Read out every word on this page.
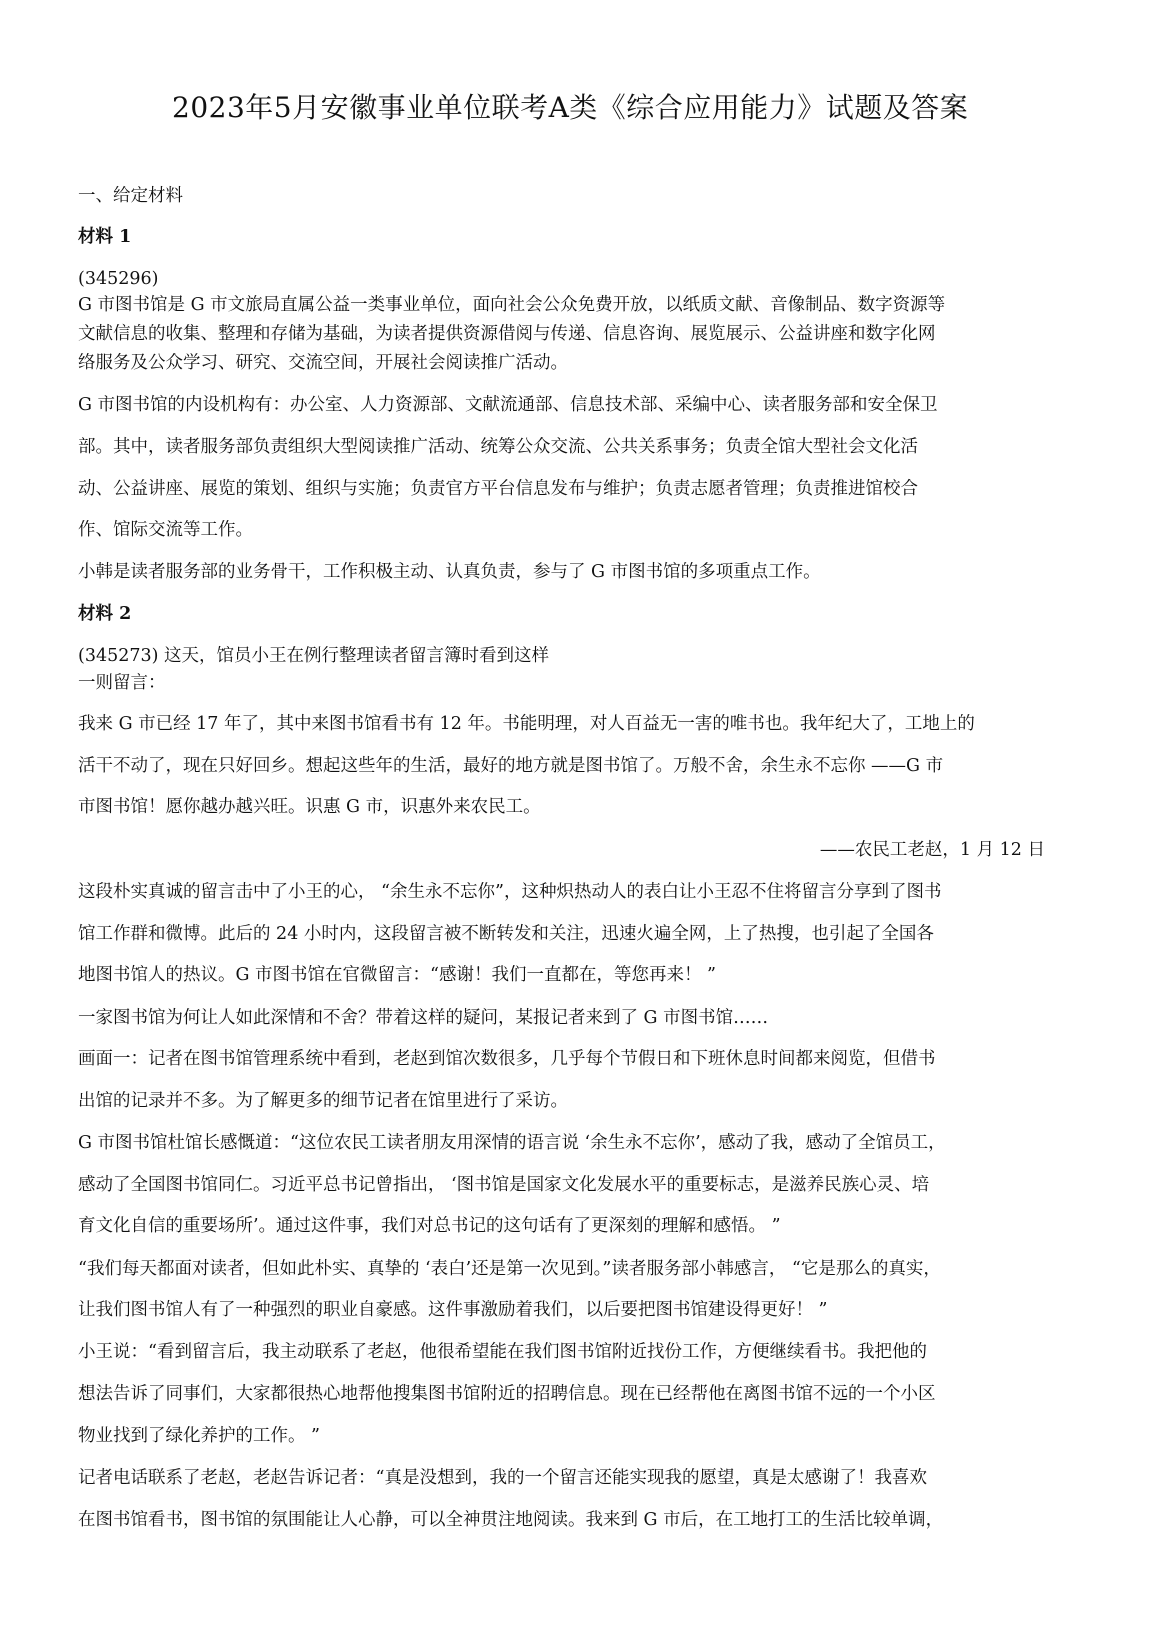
2023年5月安徽事业单位联考A类《综合应用能力》试题及答案
一、给定材料
材料 1
(345296)
G 市图书馆是 G 市文旅局直属公益一类事业单位，面向社会公众免费开放，以纸质文献、音像制品、数字资源等
文献信息的收集、整理和存储为基础，为读者提供资源借阅与传递、信息咨询、展览展示、公益讲座和数字化网
络服务及公众学习、研究、交流空间，开展社会阅读推广活动。
G 市图书馆的内设机构有：办公室、人力资源部、文献流通部、信息技术部、采编中心、读者服务部和安全保卫
部。其中，读者服务部负责组织大型阅读推广活动、统筹公众交流、公共关系事务；负责全馆大型社会文化活
动、公益讲座、展览的策划、组织与实施；负责官方平台信息发布与维护；负责志愿者管理；负责推进馆校合
作、馆际交流等工作。
小韩是读者服务部的业务骨干，工作积极主动、认真负责，参与了 G 市图书馆的多项重点工作。
材料 2
(345273) 这天，馆员小王在例行整理读者留言簿时看到这样
一则留言：
我来 G 市已经 17 年了，其中来图书馆看书有 12 年。书能明理，对人百益无一害的唯书也。我年纪大了，工地上的
活干不动了，现在只好回乡。想起这些年的生活，最好的地方就是图书馆了。万般不舍，余生永不忘你 ——G 市
市图书馆！愿你越办越兴旺。识惠 G 市，识惠外来农民工。
——农民工老赵，1 月 12 日
这段朴实真诚的留言击中了小王的心， “余生永不忘你”，这种炽热动人的表白让小王忍不住将留言分享到了图书
馆工作群和微博。此后的 24 小时内，这段留言被不断转发和关注，迅速火遍全网，上了热搜，也引起了全国各
地图书馆人的热议。G 市图书馆在官微留言：“感谢！我们一直都在，等您再来！ ”
一家图书馆为何让人如此深情和不舍？带着这样的疑问，某报记者来到了 G 市图书馆……
画面一：记者在图书馆管理系统中看到，老赵到馆次数很多，几乎每个节假日和下班休息时间都来阅览，但借书
出馆的记录并不多。为了解更多的细节记者在馆里进行了采访。
G 市图书馆杜馆长感慨道：“这位农民工读者朋友用深情的语言说 ‘余生永不忘你’，感动了我，感动了全馆员工，
感动了全国图书馆同仁。习近平总书记曾指出， ‘图书馆是国家文化发展水平的重要标志，是滋养民族心灵、培
育文化自信的重要场所’。通过这件事，我们对总书记的这句话有了更深刻的理解和感悟。 ”
“我们每天都面对读者，但如此朴实、真挚的 ‘表白’还是第一次见到。”读者服务部小韩感言， “它是那么的真实，
让我们图书馆人有了一种强烈的职业自豪感。这件事激励着我们，以后要把图书馆建设得更好！ ”
小王说：“看到留言后，我主动联系了老赵，他很希望能在我们图书馆附近找份工作，方便继续看书。我把他的
想法告诉了同事们，大家都很热心地帮他搜集图书馆附近的招聘信息。现在已经帮他在离图书馆不远的一个小区
物业找到了绿化养护的工作。 ”
记者电话联系了老赵，老赵告诉记者：“真是没想到，我的一个留言还能实现我的愿望，真是太感谢了！我喜欢
在图书馆看书，图书馆的氛围能让人心静，可以全神贯注地阅读。我来到 G 市后，在工地打工的生活比较单调，
